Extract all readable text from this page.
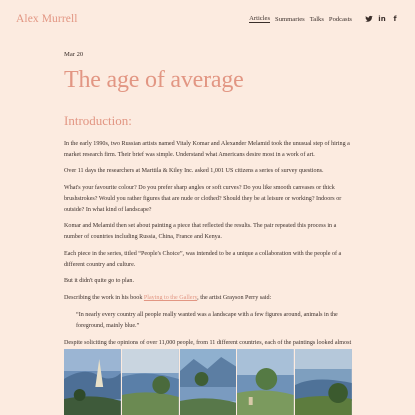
Alex Murrell	Articles Summaries Talks Podcasts	in	f
Mar 20
The age of average
Introduction:

In the early 1990s, two Russian artists named Vitaly Komar and Alexander Melamid took the unusual step of hiring a market research firm. Their brief was simple. Understand what Americans desire most in a work of art.

Over 11 days the researchers at Marttila & Kiley Inc. asked 1,001 US citizens a series of survey questions.

What's your favourite colour? Do you prefer sharp angles or soft curves? Do you like smooth canvases or thick brushstrokes? Would you rather figures that are nude or clothed? Should they be at leisure or working? Indoors or outside? In what kind of landscape?

Komar and Melamid then set about painting a piece that reflected the results. The pair repeated this process in a number of countries including Russia, China, France and Kenya.

Each piece in the series, titled “People's Choice”, was intended to be a unique a collaboration with the people of a different country and culture.

But it didn't quite go to plan.

Describing the work in his book Playing to the Gallery, the artist Grayson Perry said:

“In nearly every country all people really wanted was a landscape with a few figures around, animals in the foreground, mainly blue.”

Despite soliciting the opinions of over 11,000 people, from 11 different countries, each of the paintings looked almost
